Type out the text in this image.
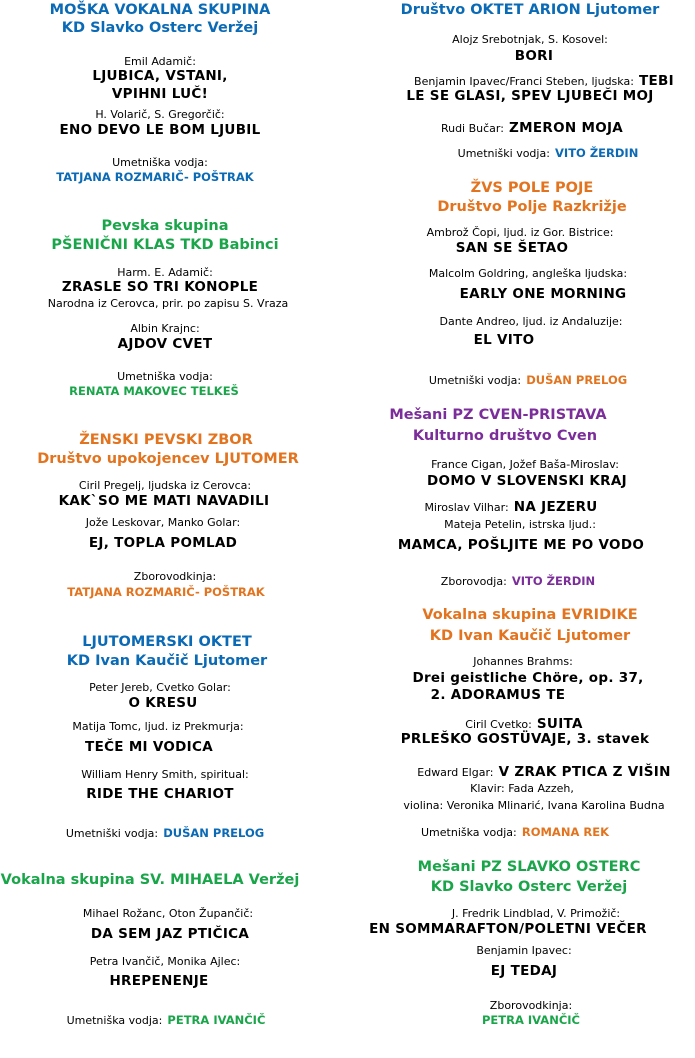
MOŠKA VOKALNA SKUPINA
KD Slavko Osterc Veržej
Emil Adamič:
LJUBICA, VSTANI,
VPIHNI LUČ!
H. Volarič, S. Gregorčič:
ENO DEVO LE BOM LJUBIL
Umetniška vodja:
TATJANA ROZMARIČ- POŠTRAK
Pevska skupina
PŠENIČNI KLAS TKD Babinci
Harm. E. Adamič:
ZRASLE SO TRI KONOPLE
Narodna iz Cerovca, prir. po zapisu S. Vraza
Albin Krajnc:
AJDOV CVET
Umetniška vodja:
RENATA MAKOVEC TELKEŠ
ŽENSKI PEVSKI ZBOR
Društvo upokojencev LJUTOMER
Ciril Pregelj, ljudska iz Cerovca:
KAK`SO ME MATI NAVADILI
Jože Leskovar, Manko Golar:
EJ, TOPLA POMLAD
Zborovodkinja:
TATJANA ROZMARIČ- POŠTRAK
LJUTOMERSKI OKTET
KD Ivan Kaučič Ljutomer
Peter Jereb, Cvetko Golar:
O KRESU
Matija Tomc, ljud. iz Prekmurja:
TEČE MI VODICA
William Henry Smith, spiritual:
RIDE THE CHARIOT
Umetniški vodja: DUŠAN PRELOG
Vokalna skupina SV. MIHAELA Veržej
Mihael Rožanc, Oton Župančič:
DA SEM JAZ PTIČICA
Petra Ivančič, Monika Ajlec:
HREPENENJE
Umetniška vodja: PETRA IVANČIČ
Društvo OKTET ARION Ljutomer
Alojz Srebotnjak, S. Kosovel:
BORI
Benjamin Ipavec/Franci Steben, ljudska: TEBI
LE SE GLASI, SPEV LJUBEČI MOJ
Rudi Bučar: ZMERON MOJA
Umetniški vodja: VITO ŽERDIN
ŽVS POLE POJE
Društvo Polje Razkrižje
Ambrož Čopi, ljud. iz Gor. Bistrice:
SAN SE ŠETAO
Malcolm Goldring, angleška ljudska:
EARLY ONE MORNING
Dante Andreo, ljud. iz Andaluzije:
EL VITO
Umetniški vodja: DUŠAN PRELOG
Mešani PZ CVEN-PRISTAVA
Kulturno društvo Cven
France Cigan, Jožef Baša-Miroslav:
DOMO V SLOVENSKI KRAJ
Miroslav Vilhar: NA JEZERU
Mateja Petelin, istrska ljud.:
MAMCA, POŠLJITE ME PO VODO
Zborovodja: VITO ŽERDIN
Vokalna skupina EVRIDIKE
KD Ivan Kaučič Ljutomer
Johannes Brahms:
Drei geistliche Chöre, op. 37,
2. ADORAMUS TE
Ciril Cvetko: SUITA
PRLEŠKO GOSTÜVAJE, 3. stavek
Edward Elgar: V ZRAK PTICA Z VIŠIN
Klavir: Fada Azzeh,
violina: Veronika Mlinarić, Ivana Karolina Budna
Umetniška vodja: ROMANA REK
Mešani PZ SLAVKO OSTERC
KD Slavko Osterc Veržej
J. Fredrik Lindblad, V. Primožič:
EN SOMMARAFTON/POLETNI VEČER
Benjamin Ipavec:
EJ TEDAJ
Zborovodkinja:
PETRA IVANČIČ
